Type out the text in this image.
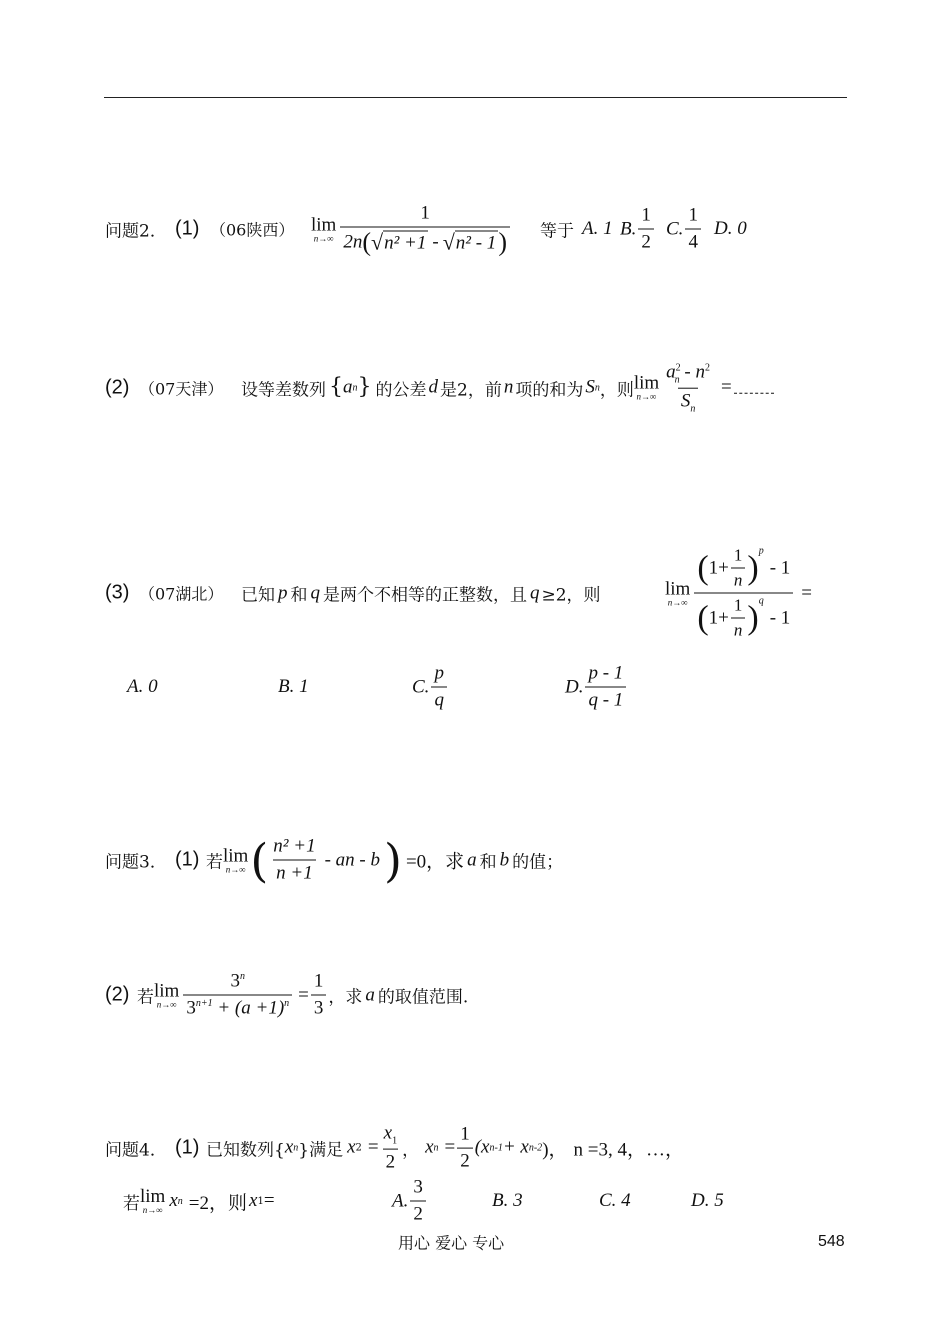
问题2． (1) （06陕西） lim
n→∞
1
2n ( √ n² +1 - √ n² - 1 ) 等于 A. 1 B. $\frac{1}{2} C$. $\frac{1}{4} D$. 0
(2) （07天津） 设等差数列 { a n } 的公差 d 是2，前 n 项的和为 S n ，则 lim
$n\to\infty \frac{a^2_n - n^2}{S_n}$ =
(3) （07湖北） 已知 p 和 q 是两个不相等的正整数，且 q ≥2，则	lim
n→∞ ( $1+ \frac{1}{n} )^p$
- 1
( $1+ \frac{1}{n} )^q$
- 1 =
A. 0	B. 1	C. $\frac{p}{q}$	D. $\frac{p - 1}{q - 1}$
问题3． (1) 若 lim
n→∞ ( $\frac{\text{n² +1}}{n +1}$ - an - b ) =0，求 a 和 b 的值；
(2) 若 lim
$n\to\infty \frac{3^n}{3^{n+1} + (a +1)^n} = \frac{1}{3}$ ，求 a 的取值范围.
问题4． (1) 已知数列{ x n }满足 x $2 = \frac{x_1}{2}$ ， x $n = \frac{1}{2} (x$ n-1 + x n-2 )， n =3, 4，…，
若 lim
n→∞ x n =2，则 x 1 =	A. $\frac{3}{2}$	B. 3	C. 4	D. 5
用心 爱心 专心	548
